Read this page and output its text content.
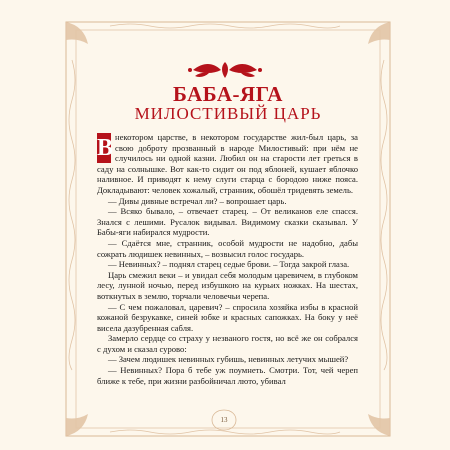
БАБА-ЯГА
МИЛОСТИВЫЙ ЦАРЬ

В некотором царстве, в некотором государстве жил-был царь, за свою доброту прозванный в народе Милостивый: при нём не случилось ни одной казни. Любил он на старости лет греться в саду на солнышке. Вот как-то сидит он под яблоней, кушает яблочко наливное. И приводят к нему слуги старца с бородою ниже пояса. Докладывают: человек хожалый, странник, обошёл тридевять земель.

— Дивы дивные встречал ли? – вопрошает царь.

— Всяко бывало, – отвечает старец. – От великанов еле спасся. Знался с лешими. Русалок видывал. Видимому сказки сказывал. У Бабы-яги набирался мудрости.

— Сдаётся мне, странник, особой мудрости не надобно, дабы сожрать людишек невинных, – возвысил голос государь.

— Невинных? – поднял старец седые брови. – Тогда закрой глаза.

Царь смежил веки – и увидал себя молодым царевичем, в глубоком лесу, лунной ночью, перед избушкою на курьих ножках. На шестах, воткнутых в землю, торчали человечьи черепа.

— С чем пожаловал, царевич? – спросила хозяйка избы в красной кожаной безрукавке, синей юбке и красных сапожках. На боку у неё висела дазубренная сабля.

Замерло сердце со страху у незваного гостя, но всё же он собрался с духом и сказал сурово:

— Зачем людишек невинных губишь, невинных летучих мышей?

— Невинных? Пора б тебе уж поумнеть. Смотри. Тот, чей череп ближе к тебе, при жизни разбойничал люто, убивал

13
